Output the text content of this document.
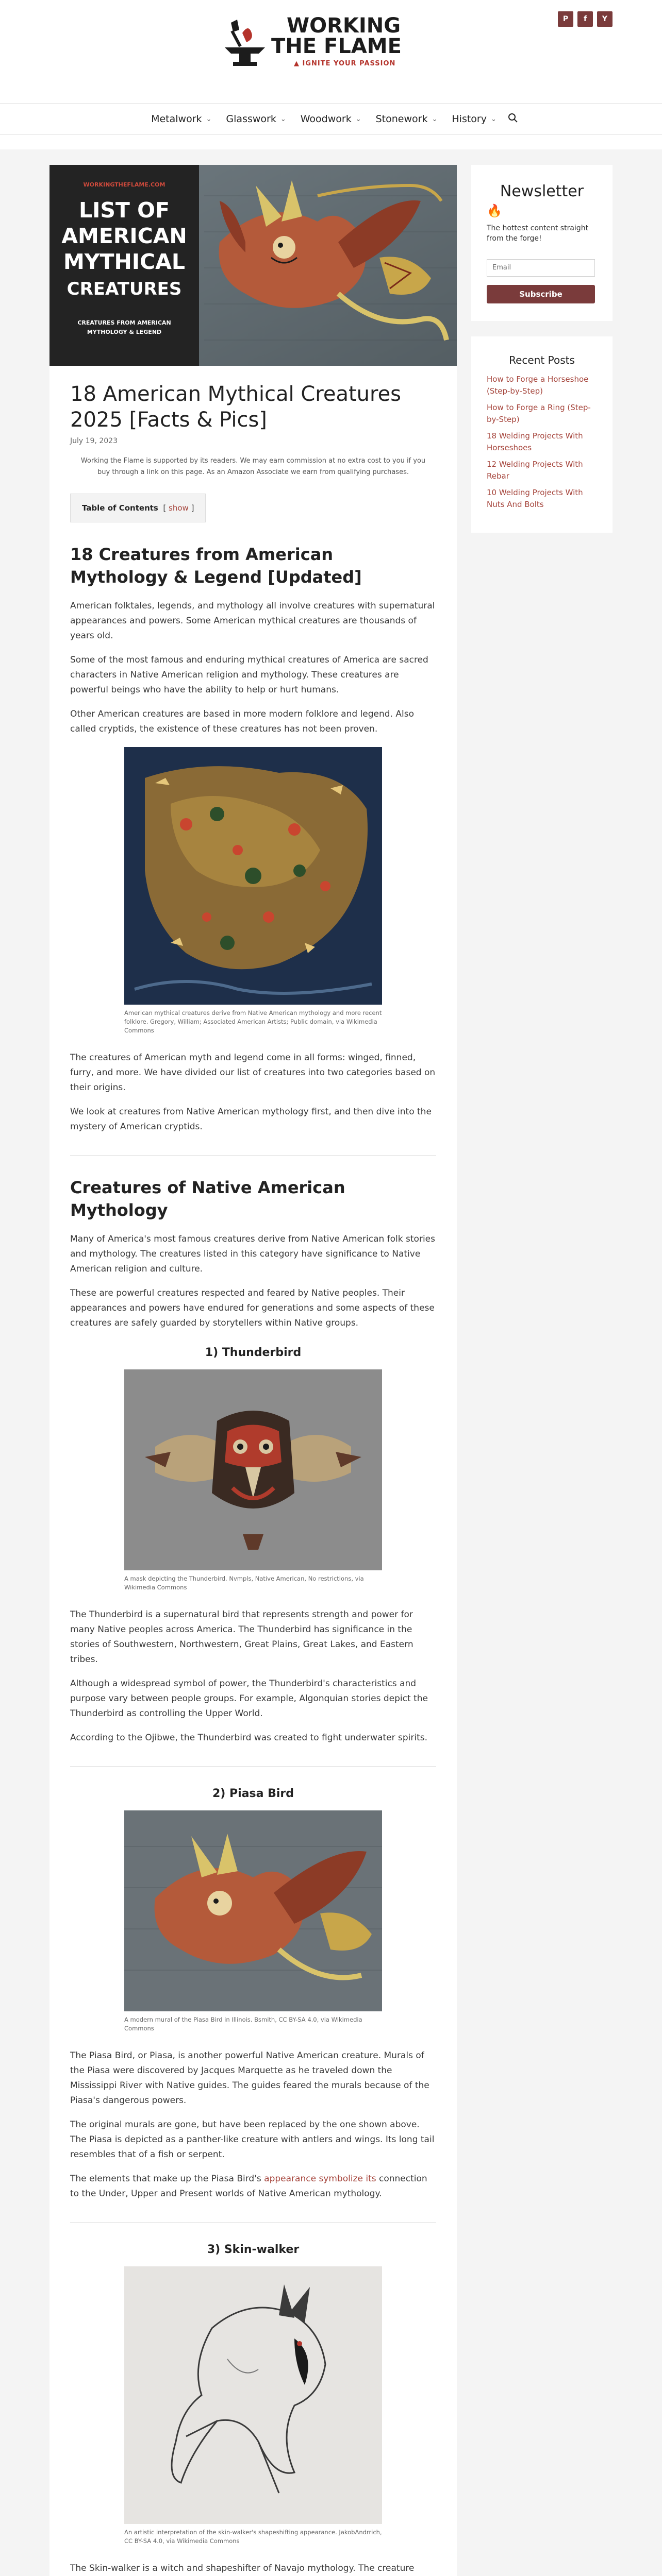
WORKING
THE FLAME
▲ IGNITE YOUR PASSION
P	f	Y
Metalwork ⌄ Glasswork ⌄ Woodwork ⌄ Stonework ⌄ History ⌄
WORKINGTHEFLAME.COM
LIST OF
AMERICAN
MYTHICAL
CREATURES
CREATURES FROM AMERICAN
MYTHOLOGY & LEGEND
18 American Mythical Creatures 2025 [Facts & Pics]
July 19, 2023
Working the Flame is supported by its readers. We may earn commission at no extra cost to you if you buy through a link on this page. As an Amazon Associate we earn from qualifying purchases.
Table of Contents  [ show ]
18 Creatures from American Mythology & Legend [Updated]

American folktales, legends, and mythology all involve creatures with supernatural appearances and powers. Some American mythical creatures are thousands of years old.

Some of the most famous and enduring mythical creatures of America are sacred characters in Native American religion and mythology. These creatures are powerful beings who have the ability to help or hurt humans.

Other American creatures are based in more modern folklore and legend. Also called cryptids, the existence of these creatures has not been proven.

American mythical creatures derive from Native American mythology and more recent folklore. Gregory, William; Associated American Artists; Public domain, via Wikimedia Commons

The creatures of American myth and legend come in all forms: winged, finned, furry, and more. We have divided our list of creatures into two categories based on their origins.

We look at creatures from Native American mythology first, and then dive into the mystery of American cryptids.

Creatures of Native American Mythology

Many of America's most famous creatures derive from Native American folk stories and mythology. The creatures listed in this category have significance to Native American religion and culture.

These are powerful creatures respected and feared by Native peoples. Their appearances and powers have endured for generations and some aspects of these creatures are safely guarded by storytellers within Native groups.

1) Thunderbird
A mask depicting the Thunderbird. Nvmpls, Native American, No restrictions, via Wikimedia Commons

The Thunderbird is a supernatural bird that represents strength and power for many Native peoples across America. The Thunderbird has significance in the stories of Southwestern, Northwestern, Great Plains, Great Lakes, and Eastern tribes.

Although a widespread symbol of power, the Thunderbird's characteristics and purpose vary between people groups. For example, Algonquian stories depict the Thunderbird as controlling the Upper World.

According to the Ojibwe, the Thunderbird was created to fight underwater spirits.

2) Piasa Bird
A modern mural of the Piasa Bird in Illinois. Bsmith, CC BY-SA 4.0, via Wikimedia Commons

The Piasa Bird, or Piasa, is another powerful Native American creature. Murals of the Piasa were discovered by Jacques Marquette as he traveled down the Mississippi River with Native guides. The guides feared the murals because of the Piasa's dangerous powers.

The original murals are gone, but have been replaced by the one shown above. The Piasa is depicted as a panther-like creature with antlers and wings. Its long tail resembles that of a fish or serpent.

The elements that make up the Piasa Bird's appearance symbolize its connection to the Under, Upper and Present worlds of Native American mythology.

3) Skin-walker
An artistic interpretation of the skin-walker's shapeshifting appearance. JakobAndrrich, CC BY-SA 4.0, via Wikimedia Commons

The Skin-walker is a witch and shapeshifter of Navajo mythology. The creature

Newsletter
🔥
The hottest content straight from the forge!
Email
Subscribe
Recent Posts
How to Forge a Horseshoe (Step-by-Step)
How to Forge a Ring (Step-by-Step)
18 Welding Projects With Horseshoes
12 Welding Projects With Rebar
10 Welding Projects With Nuts And Bolts
